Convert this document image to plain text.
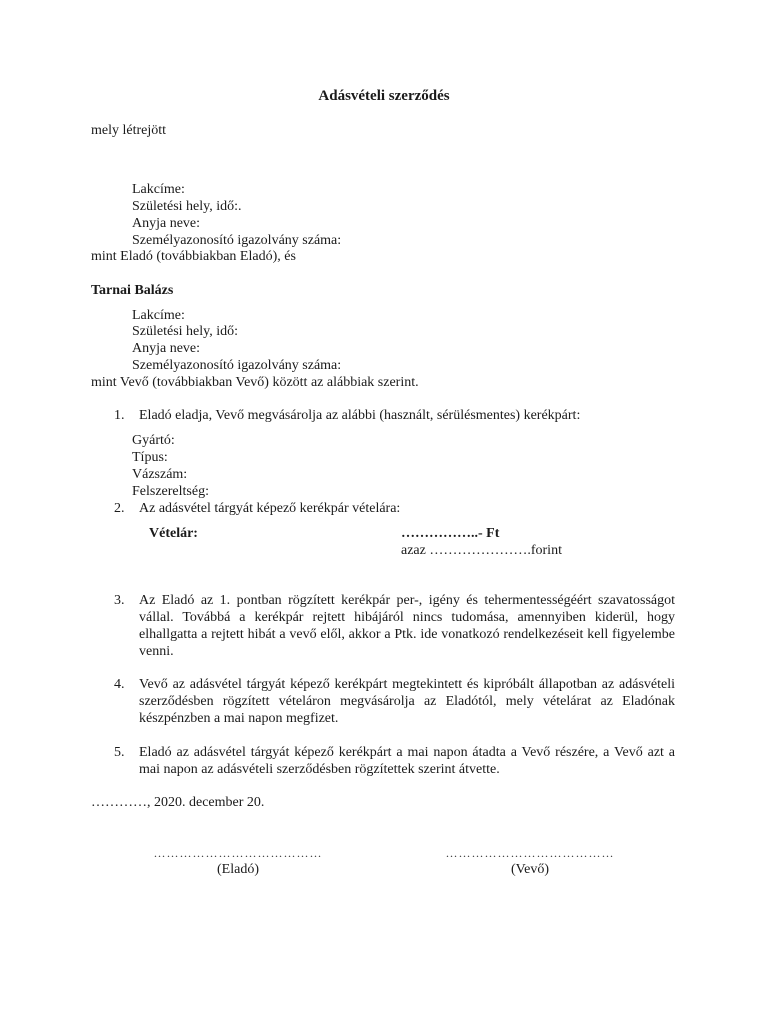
Adásvételi szerződés
mely létrejött
Lakcíme:
Születési hely, idő:.
Anyja neve:
Személyazonosító igazolvány száma:
mint Eladó (továbbiakban Eladó), és
Tarnai Balázs
Lakcíme:
Születési hely, idő:
Anyja neve:
Személyazonosító igazolvány száma:
mint Vevő (továbbiakban Vevő) között az alábbiak szerint.
1. Eladó eladja, Vevő megvásárolja az alábbi (használt, sérülésmentes) kerékpárt:
Gyártó:
Típus:
Vázszám:
Felszereltség:
2. Az adásvétel tárgyát képező kerékpár vételára:
Vételár:	……………..- Ft
azaz ………………….forint
3. Az Eladó az 1. pontban rögzített kerékpár per-, igény és tehermentességéért szavatosságot vállal. Továbbá a kerékpár rejtett hibájáról nincs tudomása, amennyiben kiderül, hogy elhallgatta a rejtett hibát a vevő elől, akkor a Ptk. ide vonatkozó rendelkezéseit kell figyelembe venni.
4. Vevő az adásvétel tárgyát képező kerékpárt megtekintett és kipróbált állapotban az adásvételi szerződésben rögzített vételáron megvásárolja az Eladótól, mely vételárat az Eladónak készpénzben a mai napon megfizet.
5. Eladó az adásvétel tárgyát képező kerékpárt a mai napon átadta a Vevő részére, a Vevő azt a mai napon az adásvételi szerződésben rögzítettek szerint átvette.
…………, 2020. december 20.
…………………………………
(Eladó)
…………………………………
(Vevő)
